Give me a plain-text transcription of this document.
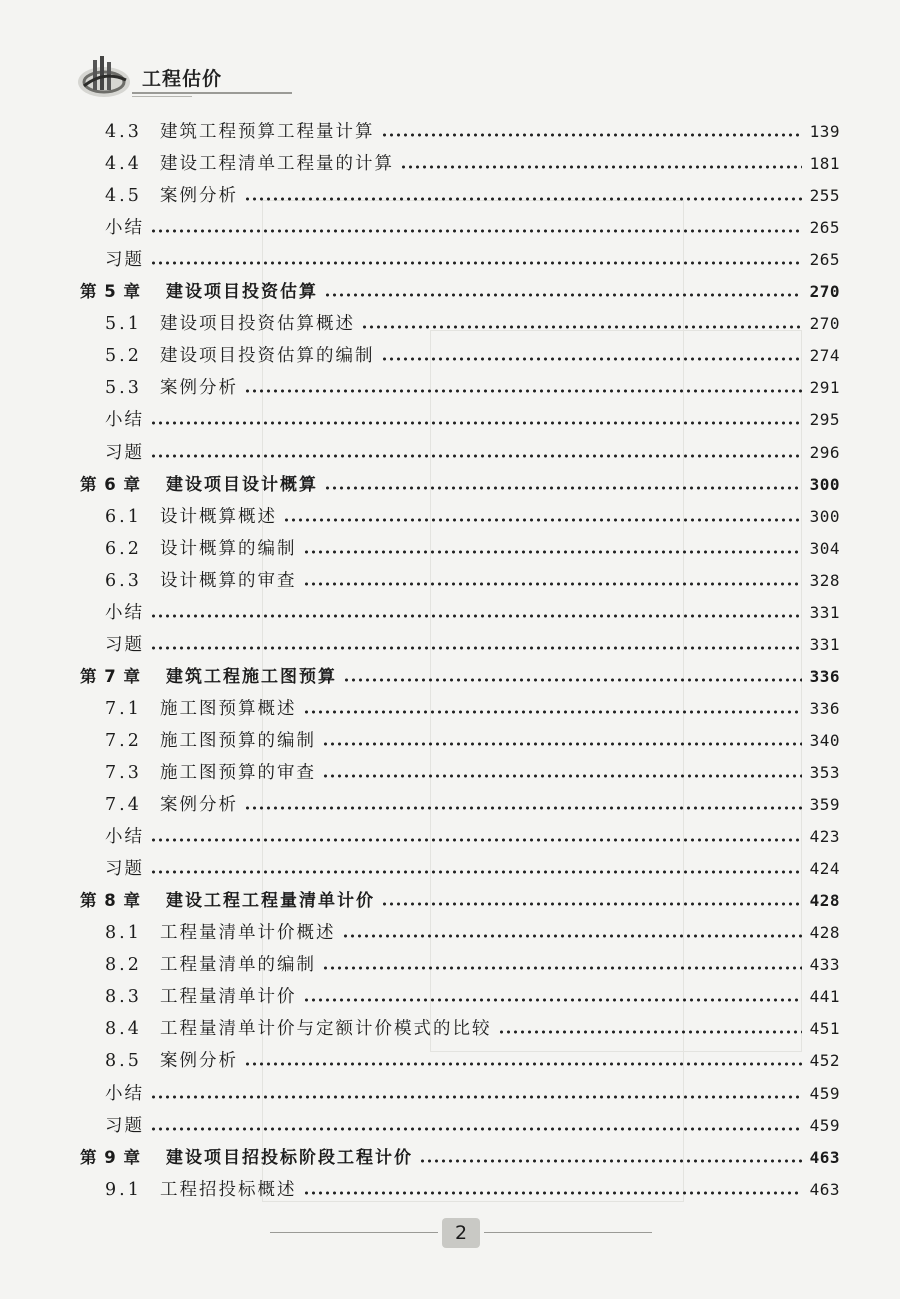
工程估价
4.3 建筑工程预算工程量计算	139
4.4 建设工程清单工程量的计算	181
4.5 案例分析	255
小结	265
习题	265
第 5 章 建设项目投资估算	270
5.1 建设项目投资估算概述	270
5.2 建设项目投资估算的编制	274
5.3 案例分析	291
小结	295
习题	296
第 6 章 建设项目设计概算	300
6.1 设计概算概述	300
6.2 设计概算的编制	304
6.3 设计概算的审查	328
小结	331
习题	331
第 7 章 建筑工程施工图预算	336
7.1 施工图预算概述	336
7.2 施工图预算的编制	340
7.3 施工图预算的审查	353
7.4 案例分析	359
小结	423
习题	424
第 8 章 建设工程工程量清单计价	428
8.1 工程量清单计价概述	428
8.2 工程量清单的编制	433
8.3 工程量清单计价	441
8.4 工程量清单计价与定额计价模式的比较	451
8.5 案例分析	452
小结	459
习题	459
第 9 章 建设项目招投标阶段工程计价	463
9.1 工程招投标概述	463
2
